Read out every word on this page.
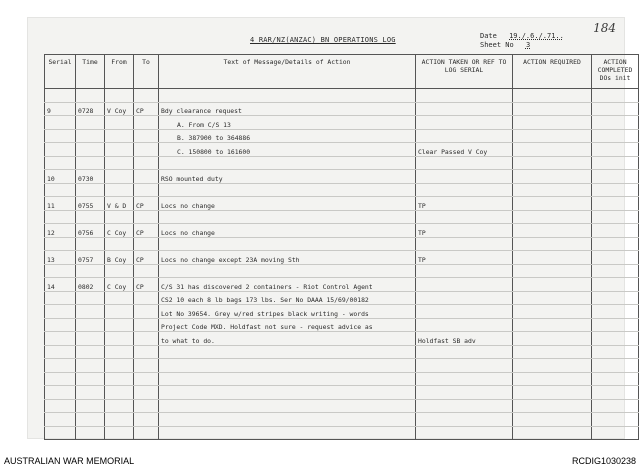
184
4 RAR/NZ(ANZAC) BN OPERATIONS LOG	Date 19./.6./.71..
Sheet No 3
Serial	Time	From	To	Text of Message/Details of Action	ACTION TAKEN OR REF TO LOG SERIAL	ACTION REQUIRED	ACTION COMPLETED DOs init

9	0728	V Coy	CP	Bdy clearance request			
				A. From C/S 13			
				B. 387900 to 364886			
				C. 150800 to 161600	Clear Passed V Coy		

10	0730			RSO mounted duty			

11	0755	V & D	CP	Locs no change	TP		

12	0756	C Coy	CP	Locs no change	TP		

13	0757	B Coy	CP	Locs no change except 23A moving Sth	TP		

14	0802	C Coy	CP	C/S 31 has discovered 2 containers - Riot Control Agent			
				CS2 10 each 8 lb bags 173 lbs. Ser No DAAA 15/69/00182			
				Lot No 39654. Grey w/red stripes black writing - words			
				Project Code MXD. Holdfast not sure - request advice as			
				to what to do.	Holdfast SB adv		

AUSTRALIAN WAR MEMORIAL	RCDIG1030238
